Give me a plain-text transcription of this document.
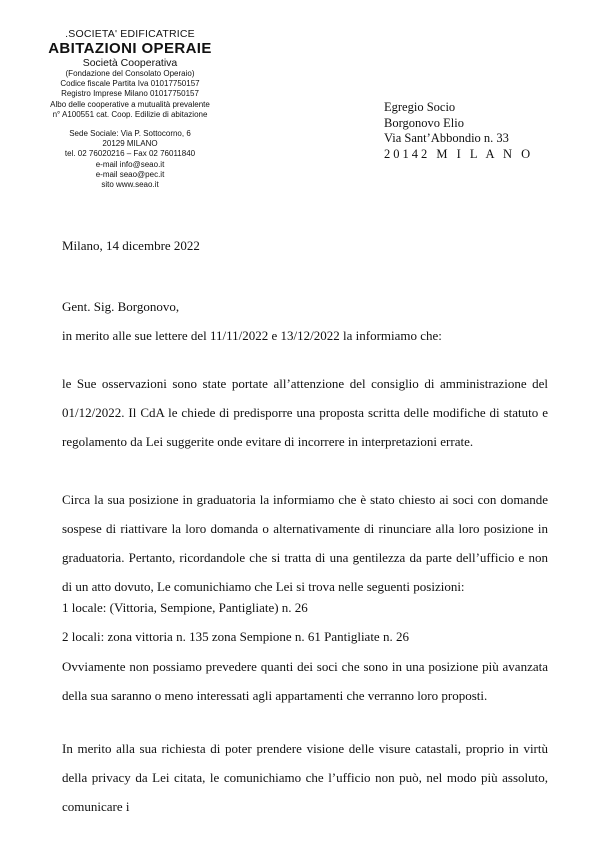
.SOCIETA' EDIFICATRICE
ABITAZIONI OPERAIE
Società Cooperativa
(Fondazione del Consolato Operaio)
Codice fiscale Partita Iva 01017750157
Registro Imprese Milano 01017750157
Albo delle cooperative a mutualità prevalente
n° A100551 cat. Coop. Edilizie di abitazione
Sede Sociale: Via P. Sottocorno, 6
20129 MILANO
tel. 02 76020216 – Fax 02 76011840
e-mail info@seao.it
e-mail seao@pec.it
sito www.seao.it
Egregio Socio
Borgonovo Elio
Via Sant’Abbondio n. 33
20142 M I L A N O
Milano, 14 dicembre 2022
Gent. Sig. Borgonovo,
in merito alle sue lettere del 11/11/2022 e 13/12/2022 la informiamo che:
le Sue osservazioni sono state portate all’attenzione del consiglio di amministrazione del 01/12/2022. Il CdA le chiede di predisporre una proposta scritta delle modifiche di statuto e regolamento da Lei suggerite onde evitare di incorrere in interpretazioni errate.
Circa la sua posizione in graduatoria la informiamo che è stato chiesto ai soci con domande sospese di riattivare la loro domanda o alternativamente di rinunciare alla loro posizione in graduatoria. Pertanto, ricordandole che si tratta di una gentilezza da parte dell’ufficio e non di un atto dovuto, Le comunichiamo che Lei si trova nelle seguenti posizioni:
1 locale: (Vittoria, Sempione, Pantigliate) n. 26
2 locali: zona vittoria n. 135 zona Sempione n. 61 Pantigliate n. 26
Ovviamente non possiamo prevedere quanti dei soci che sono in una posizione più avanzata della sua saranno o meno interessati agli appartamenti che verranno loro proposti.
In merito alla sua richiesta di poter prendere visione delle visure catastali, proprio in virtù della privacy da Lei citata, le comunichiamo che l’ufficio non può, nel modo più assoluto, comunicare i
